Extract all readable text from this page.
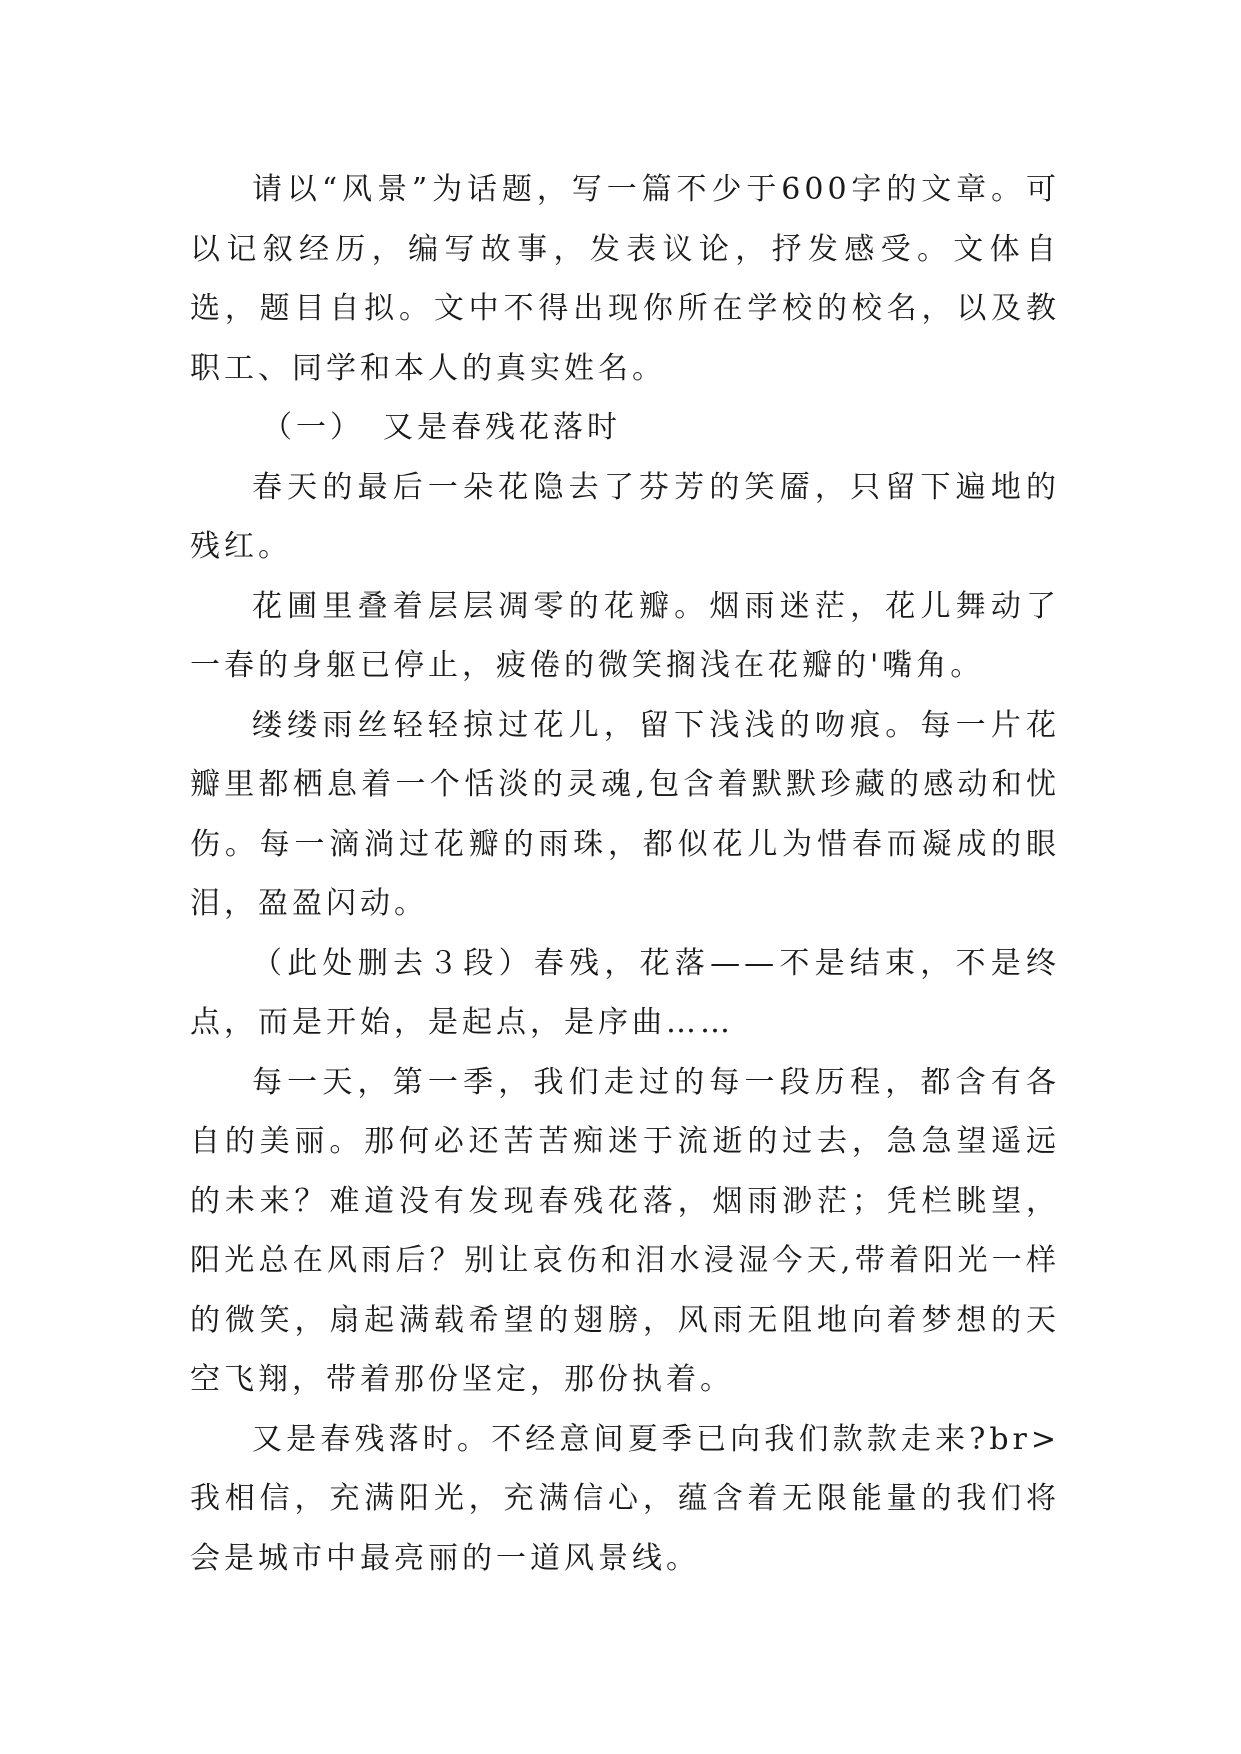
请以“风景”为话题，写一篇不少于600字的文章。可以记叙经历，编写故事，发表议论，抒发感受。文体自选，题目自拟。文中不得出现你所在学校的校名，以及教职工、同学和本人的真实姓名。

（一）　又是春残花落时

春天的最后一朵花隐去了芬芳的笑靥，只留下遍地的残红。

花圃里叠着层层凋零的花瓣。烟雨迷茫，花儿舞动了一春的身躯已停止，疲倦的微笑搁浅在花瓣的'嘴角。

缕缕雨丝轻轻掠过花儿，留下浅浅的吻痕。每一片花瓣里都栖息着一个恬淡的灵魂,包含着默默珍藏的感动和忧伤。每一滴淌过花瓣的雨珠，都似花儿为惜春而凝成的眼泪，盈盈闪动。

（此处删去３段）春残，花落——不是结束，不是终点，而是开始，是起点，是序曲……

每一天，第一季，我们走过的每一段历程，都含有各自的美丽。那何必还苦苦痴迷于流逝的过去，急急望遥远的未来？难道没有发现春残花落，烟雨渺茫；凭栏眺望，阳光总在风雨后？别让哀伤和泪水浸湿今天,带着阳光一样的微笑，扇起满载希望的翅膀，风雨无阻地向着梦想的天空飞翔，带着那份坚定，那份执着。

又是春残落时。不经意间夏季已向我们款款走来?br>我相信，充满阳光，充满信心，蕴含着无限能量的我们将会是城市中最亮丽的一道风景线。
